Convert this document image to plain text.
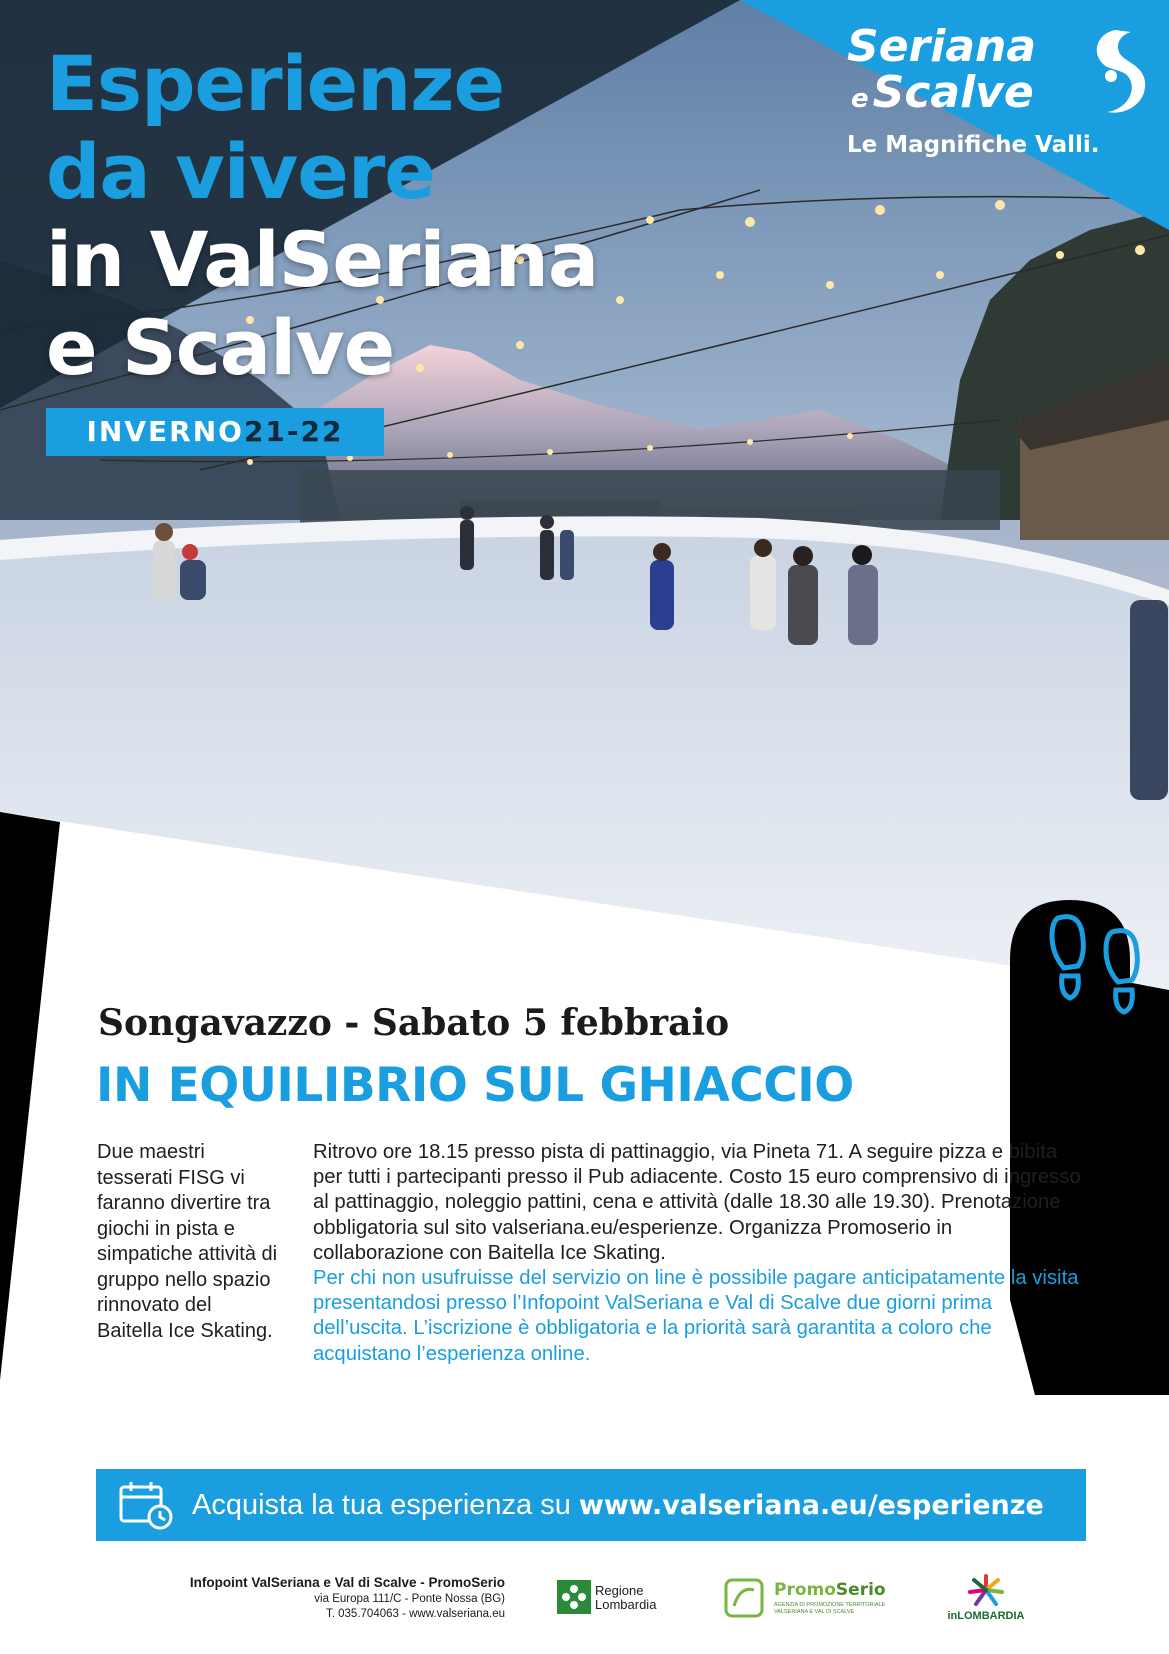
Esperienze
da vivere
in ValSeriana
e Scalve
INVERNO21-22
Seriana
eScalve
Le Magnifiche Valli.
Songavazzo - Sabato 5 febbraio
IN EQUILIBRIO SUL GHIACCIO

Due maestri tesserati FISG vi faranno divertire tra giochi in pista e simpatiche attività di gruppo nello spazio rinnovato del Baitella Ice Skating.

Ritrovo ore 18.15 presso pista di pattinaggio, via Pineta 71. A seguire pizza e bibita per tutti i partecipanti presso il Pub adiacente. Costo 15 euro comprensivo di ingresso al pattinaggio, noleggio pattini, cena e attività (dalle 18.30 alle 19.30). Prenotazione obbligatoria sul sito valseriana.eu/esperienze. Organizza Promoserio in collaborazione con Baitella Ice Skating.

Per chi non usufruisse del servizio on line è possibile pagare anticipatamente la visita presentandosi presso l’Infopoint ValSeriana e Val di Scalve due giorni prima dell’uscita. L’iscrizione è obbligatoria e la priorità sarà garantita a coloro che acquistano l’esperienza online.

Acquista la tua esperienza su www.valseriana.eu/esperienze
Infopoint ValSeriana e Val di Scalve - PromoSerio
via Europa 111/C - Ponte Nossa (BG)
T. 035.704063 - www.valseriana.eu
Regione
Lombardia
PromoSerio
AGENZIA DI PROMOZIONE TERRITORIALE
VALSERIANA E VAL DI SCALVE	inLOMBARDIA
